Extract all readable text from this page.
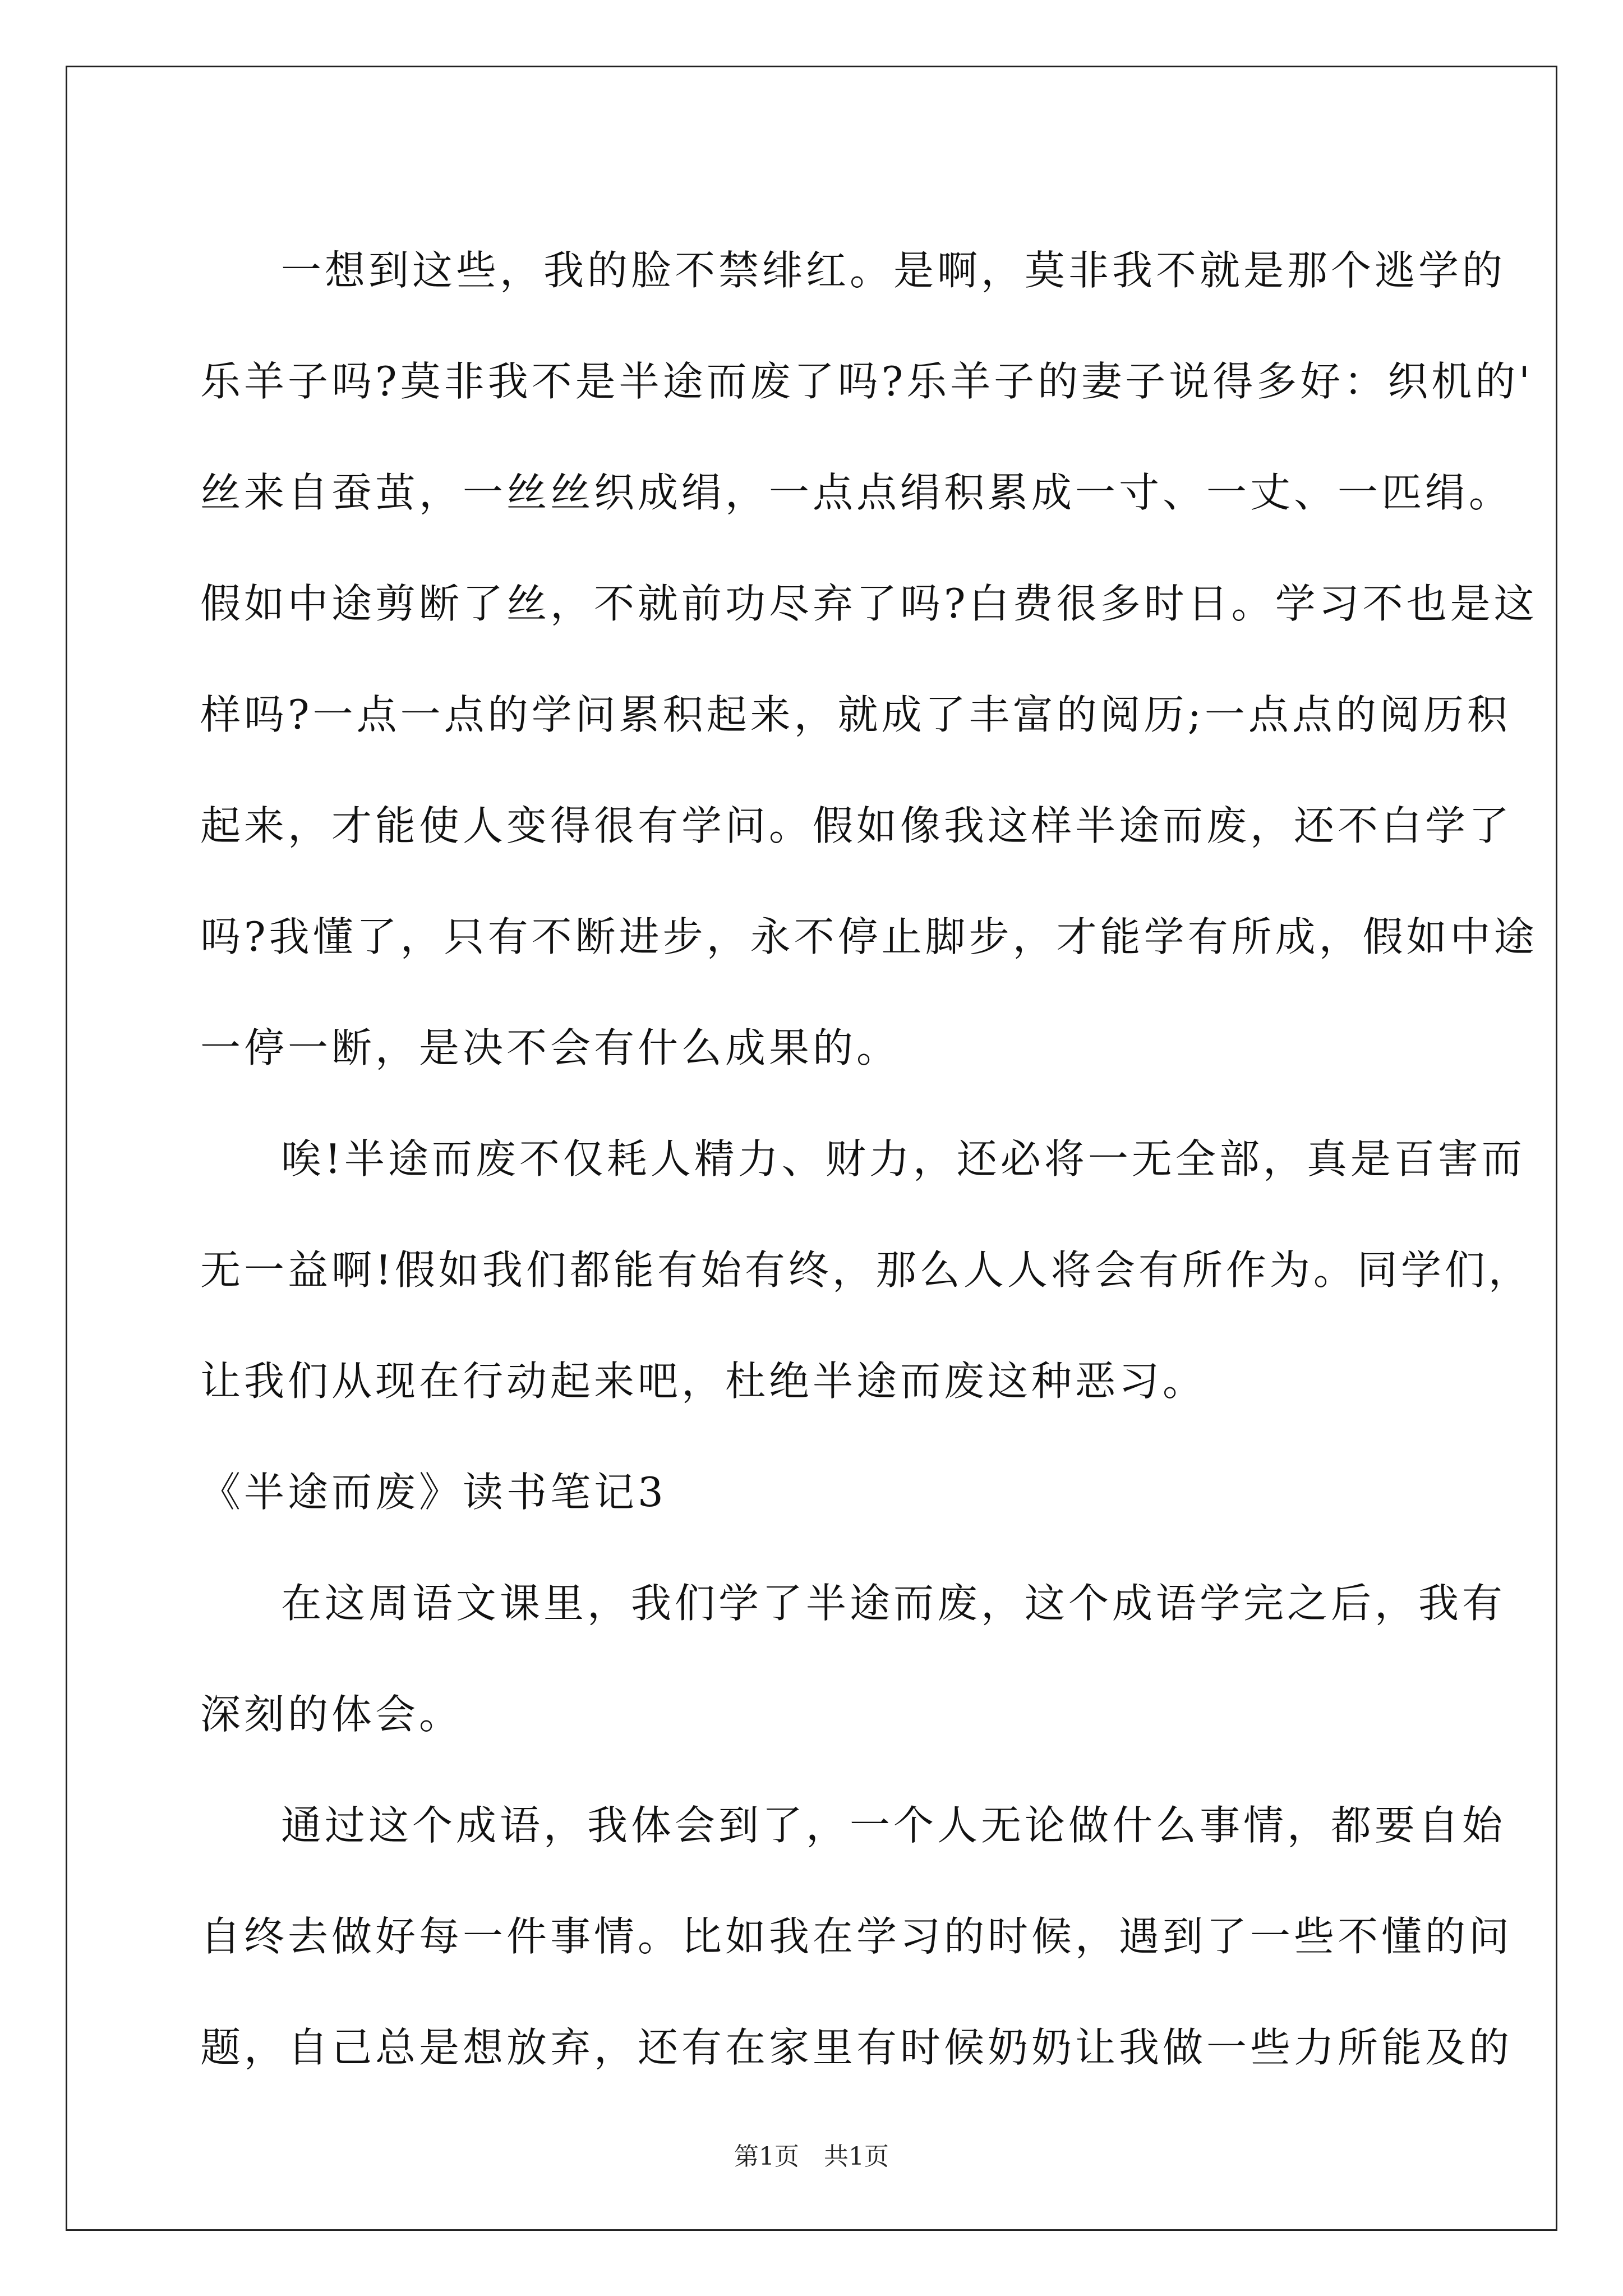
一想到这些，我的脸不禁绯红。是啊，莫非我不就是那个逃学的

乐羊子吗?莫非我不是半途而废了吗?乐羊子的妻子说得多好：织机的'

丝来自蚕茧，一丝丝织成绢，一点点绢积累成一寸、一丈、一匹绢。

假如中途剪断了丝，不就前功尽弃了吗?白费很多时日。学习不也是这

样吗?一点一点的学问累积起来，就成了丰富的阅历;一点点的阅历积

起来，才能使人变得很有学问。假如像我这样半途而废，还不白学了

吗?我懂了，只有不断进步，永不停止脚步，才能学有所成，假如中途

一停一断，是决不会有什么成果的。

唉!半途而废不仅耗人精力、财力，还必将一无全部，真是百害而

无一益啊!假如我们都能有始有终，那么人人将会有所作为。同学们，

让我们从现在行动起来吧，杜绝半途而废这种恶习。

《半途而废》读书笔记3

在这周语文课里，我们学了半途而废，这个成语学完之后，我有

深刻的体会。

通过这个成语，我体会到了，一个人无论做什么事情，都要自始

自终去做好每一件事情。比如我在学习的时候，遇到了一些不懂的问

题，自己总是想放弃，还有在家里有时候奶奶让我做一些力所能及的

第1页　共1页
